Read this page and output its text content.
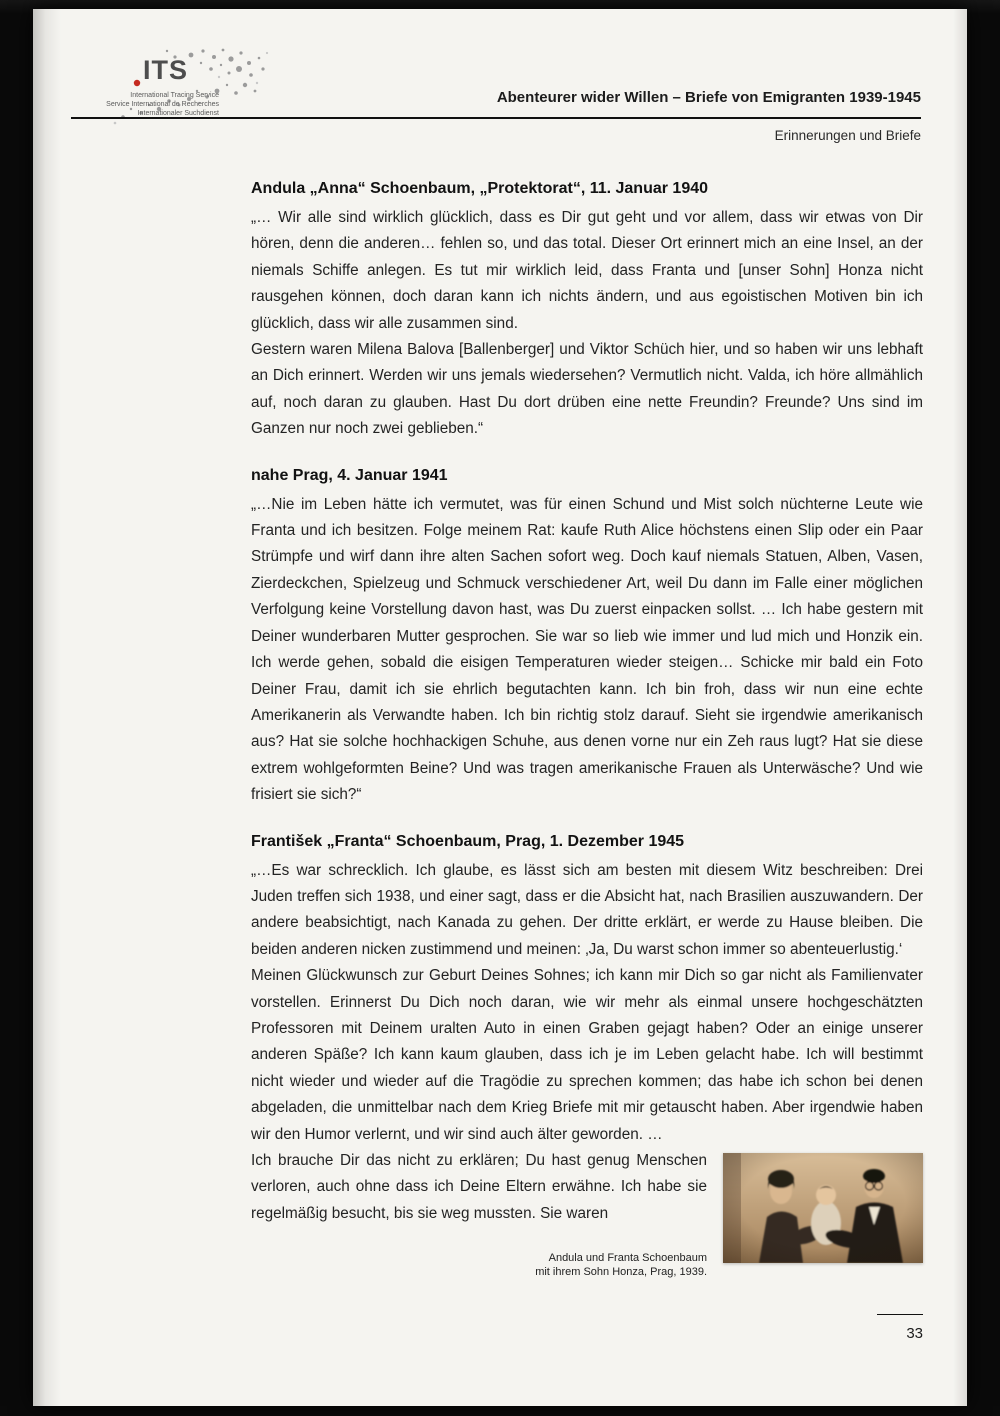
ITS
International Tracing Service
Service International de Recherches
Internationaler Suchdienst
Abenteurer wider Willen – Briefe von Emigranten 1939-1945
Erinnerungen und Briefe
Andula „Anna“ Schoenbaum, „Protektorat“, 11. Januar 1940

„… Wir alle sind wirklich glücklich, dass es Dir gut geht und vor allem, dass wir etwas von Dir hören, denn die anderen… fehlen so, und das total. Dieser Ort erinnert mich an eine Insel, an der niemals Schiffe anlegen. Es tut mir wirklich leid, dass Franta und [unser Sohn] Honza nicht rausgehen können, doch daran kann ich nichts ändern, und aus egoistischen Motiven bin ich glücklich, dass wir alle zusammen sind.

Gestern waren Milena Balova [Ballenberger] und Viktor Schüch hier, und so haben wir uns lebhaft an Dich erinnert. Werden wir uns jemals wiedersehen? Vermutlich nicht. Valda, ich höre allmählich auf, noch daran zu glauben. Hast Du dort drüben eine nette Freundin? Freunde? Uns sind im Ganzen nur noch zwei geblieben.“

nahe Prag, 4. Januar 1941

„…Nie im Leben hätte ich vermutet, was für einen Schund und Mist solch nüchterne Leute wie Franta und ich besitzen. Folge meinem Rat: kaufe Ruth Alice höchstens einen Slip oder ein Paar Strümpfe und wirf dann ihre alten Sachen sofort weg. Doch kauf niemals Statuen, Alben, Vasen, Zierdeckchen, Spielzeug und Schmuck verschiedener Art, weil Du dann im Falle einer möglichen Verfolgung keine Vorstellung davon hast, was Du zuerst einpacken sollst. … Ich habe gestern mit Deiner wunderbaren Mutter gesprochen. Sie war so lieb wie immer und lud mich und Honzik ein. Ich werde gehen, sobald die eisigen Temperaturen wieder steigen… Schicke mir bald ein Foto Deiner Frau, damit ich sie ehrlich begutachten kann. Ich bin froh, dass wir nun eine echte Amerikanerin als Verwandte haben. Ich bin richtig stolz darauf. Sieht sie irgendwie amerikanisch aus? Hat sie solche hochhackigen Schuhe, aus denen vorne nur ein Zeh raus lugt? Hat sie diese extrem wohlgeformten Beine? Und was tragen amerikanische Frauen als Unterwäsche? Und wie frisiert sie sich?“

František „Franta“ Schoenbaum, Prag, 1. Dezember 1945

„…Es war schrecklich. Ich glaube, es lässt sich am besten mit diesem Witz beschreiben: Drei Juden treffen sich 1938, und einer sagt, dass er die Absicht hat, nach Brasilien auszuwandern. Der andere beabsichtigt, nach Kanada zu gehen. Der dritte erklärt, er werde zu Hause bleiben. Die beiden anderen nicken zustimmend und meinen: ‚Ja, Du warst schon immer so abenteuerlustig.‘

Meinen Glückwunsch zur Geburt Deines Sohnes; ich kann mir Dich so gar nicht als Familienvater vorstellen. Erinnerst Du Dich noch daran, wie wir mehr als einmal unsere hochgeschätzten Professoren mit Deinem uralten Auto in einen Graben gejagt haben? Oder an einige unserer anderen Späße? Ich kann kaum glauben, dass ich je im Leben gelacht habe. Ich will bestimmt nicht wieder und wieder auf die Tragödie zu sprechen kommen; das habe ich schon bei denen abgeladen, die unmittelbar nach dem Krieg Briefe mit mir getauscht haben. Aber irgendwie haben wir den Humor verlernt, und wir sind auch älter geworden. …

Ich brauche Dir das nicht zu erklären; Du hast genug Menschen verloren, auch ohne dass ich Deine Eltern erwähne. Ich habe sie regelmäßig besucht, bis sie weg mussten. Sie waren

Andula und Franta Schoenbaum
mit ihrem Sohn Honza, Prag, 1939.

33
